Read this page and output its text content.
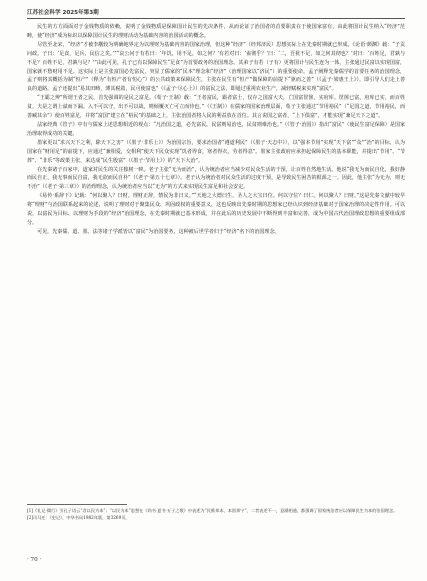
江苏社会科学 2025年第3期

民生的方方面面对于金钱物质的依赖，说明了金钱物质是保障国计民生的先决条件，从而论证了治国者的首要职责在于使国家富有，由此将国计民生纳入“经济”范畴，使“经济”成为标识以保障国计民生的理财活动为基础内容的治国活动的概念。

尽管至北宋，“经济”才被李觏较为明确地界定为以理财为基础内容的国家治理，但这种“经济”（经邦济民）思想实际上在先秦时期就已形成。《论语·颜渊》载：“子贡问政。子曰：‘足食，足兵，民信之矣。’”“哀公问于有若曰：‘年饥，用不足，如之何？’有若对曰：‘盍彻乎？’曰：‘二，吾犹不足，如之何其彻也？’对曰：‘百姓足，君孰与不足？百姓不足，君孰与足？’”由此可见，孔子已有以保障民生“足食”为首要政务的治国理念。其弟子有若（子有）更将国计与民生连为一体，主张通过民富以实现国富，国家就不愁财用不足。这实际上是主张富国必先富民，突显了儒家的“民本”理念和“经济”（治理国家以“济民”）的重要使命。孟子阐释先秦儒学的首要任务的治国理念，孟子则将其概括为制“恒产”（释为“有恒产者有恒心”）的公共政策来保障民生，主张在民生有“恒产”做保障的前提下“驱而之善”（《孟子·梁惠王上》），即引导人们走上善良的道路。孟子还提出“易其田畴，薄其税敛，民可使富也”（《孟子·尽心上》）的富民之法，即通过重视农业生产，减轻赋税来实现“富民”。

“王霸之辨”所谓王者之民，首先强调的是民之富足。《荀子·王制》载：“王者富民，霸者富士，仅存之国富大夫，亡国富筐箧，实府库。筐箧已富，府库已实，而百姓贫，夫是之谓上溢而下漏。入不可以守，出不可以战，则倾覆灭亡可立而待也。”（《王制》）在儒家的国家治理层面，荀子主张通过“节用裕民”（“足国之道，节用裕民，而善臧其余”）使百姓富足，并将“富国”建立在“裕民”的基础之上，主张治国者将人民的利益放在首位。其言说国之富者，“上下俱富”，才能实现“兼足天下之道”。

法家经典《管子》中有与儒家上述思想相近的观点：“凡治国之道，必先富民。民富则易治也，民贫则难治也。”（《管子·治国》）指出“富民”（使民生富足保障）是国家治理取得成功的关键。

墨家更以“求兴天下之利，除天下之害”（《墨子·非乐上》）为治国宗旨，要求治国者“遵道利民”（《墨子·天志中》），以“强本节用”实现“天下富”“众”“治”的目标，认为国家在“财用足”的前提下，应通过“兼相爱，交相利”使天下民众实现“饥者得食，寒者得衣，劳者得息”。墨家主张政府应承担起保障民生的基本职能，并提出“节用”、“节葬”、“非乐”等政策主张，来达成“民生殷富”（《墨子·节用上》）的“天下大治”。

在先秦诸子百家中，道家对民生的关注独树一帜。老子主张“无为而治”，认为统治者应当减少对民众生活的干预，让百姓自然地生活。他说“我无为而民自化，我好静而民自正，我无事而民自富，我无欲而民自朴”（《老子·第五十七章》）。老子认为统治者对民众生活的过度干预，是导致民生困苦的根源之一。因此，他主张“为无为，则无不治”（《老子·第三章》）的治理理念，认为统治者应当以“无为”的方式来实现民生富足和社会安定。

《易传·系辞下》记载：“何以聚人？曰财。理财正辞，禁民为非曰义。”“天地之大德曰生，圣人之大宝曰位。何以守位？曰仁。何以聚人？曰财。”这是先秦文献中较早将“理财”与治国联系起来的论述，说明了理财对于聚集民众、巩固政权的重要意义，这也反映出先秦时期的思想家已经认识到经济基础对于国家治理的决定性作用。可以说，以富民为目标、以理财为手段的“经济”治国理念，在先秦时期就已基本形成，并在此后的历史发展中不断得到丰富和完善，成为中国古代治国理政思想的重要组成部分。

可见，先秦儒、道、墨、法等诸子学派皆以“富民”为治国要务，这种被后世学者归于“经济”名下的治国理念。

[1]《礼记·儒行》引孔子语云“君以民为本”；“以民为本”思想在《尚书·夏书·五子之歌》中表述为“民惟邦本，本固邦宁”，二者表述不一，意涵相通，都强调了国家统治者应以保障民生为本的治国理念。

[2]司马迁：《史记》，中华书局1982年版，第3269页。

· 70 ·
